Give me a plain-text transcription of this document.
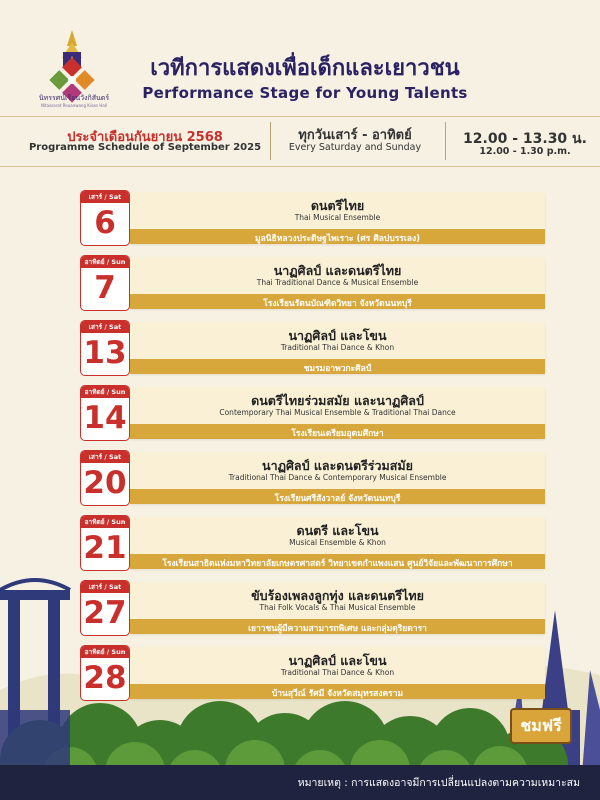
นิทรรศน์เรือนวังกิสันตร์
Nitassarat Reuanwang Kisan Hall
เวทีการแสดงเพื่อเด็กและเยาวชน
Performance Stage for Young Talents
ประจำเดือนกันยายน 2568
Programme Schedule of September 2025
ทุกวันเสาร์ - อาทิตย์
Every Saturday and Sunday
12.00 - 13.30 น.
12.00 - 1.30 p.m.
เสาร์ / Sat
6	ดนตรีไทย
Thai Musical Ensemble
มูลนิธิหลวงประดิษฐไพเราะ (ศร ศิลปบรรเลง)
อาทิตย์ / Sun
7	นาฏศิลป์ และดนตรีไทย
Thai Traditional Dance & Musical Ensemble
โรงเรียนรัตนบัณฑิตวิทยา จังหวัดนนทบุรี
เสาร์ / Sat
13	นาฏศิลป์ และโขน
Traditional Thai Dance & Khon
ชมรมอาพวกะศิลป์
อาทิตย์ / Sun
14	ดนตรีไทยร่วมสมัย และนาฏศิลป์
Contemporary Thai Musical Ensemble & Traditional Thai Dance
โรงเรียนเตรียมอุดมศึกษา
เสาร์ / Sat
20	นาฏศิลป์ และดนตรีร่วมสมัย
Traditional Thai Dance & Contemporary Musical Ensemble
โรงเรียนศรีสังวาลย์ จังหวัดนนทบุรี
อาทิตย์ / Sun
21	ดนตรี และโขน
Musical Ensemble & Khon
โรงเรียนสาธิตแห่งมหาวิทยาลัยเกษตรศาสตร์ วิทยาเขตกำแพงแสน ศูนย์วิจัยและพัฒนาการศึกษา
เสาร์ / Sat
27	ขับร้องเพลงลูกทุ่ง และดนตรีไทย
Thai Folk Vocals & Thai Musical Ensemble
เยาวชนผู้มีความสามารถพิเศษ และกลุ่มดุริยดารา
อาทิตย์ / Sun
28	นาฏศิลป์ และโขน
Traditional Thai Dance & Khon
บ้านสุวีณ์ รัศมี จังหวัดสมุทรสงคราม
ชมฟรี
หมายเหตุ : การแสดงอาจมีการเปลี่ยนแปลงตามความเหมาะสม
